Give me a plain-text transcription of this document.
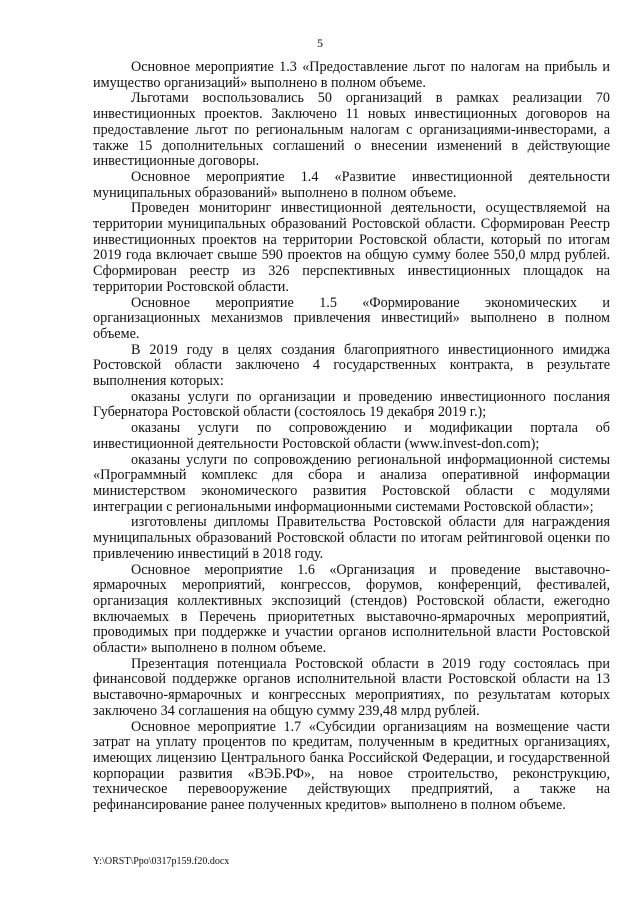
5

Основное мероприятие 1.3 «Предоставление льгот по налогам на прибыль и имущество организаций» выполнено в полном объеме.

Льготами воспользовались 50 организаций в рамках реализации 70 инвестиционных проектов. Заключено 11 новых инвестиционных договоров на предоставление льгот по региональным налогам с организациями-инвесторами, а также 15 дополнительных соглашений о внесении изменений в действующие инвестиционные договоры.

Основное мероприятие 1.4 «Развитие инвестиционной деятельности муниципальных образований» выполнено в полном объеме.

Проведен мониторинг инвестиционной деятельности, осуществляемой на территории муниципальных образований Ростовской области. Сформирован Реестр инвестиционных проектов на территории Ростовской области, который по итогам 2019 года включает свыше 590 проектов на общую сумму более 550,0 млрд рублей. Сформирован реестр из 326 перспективных инвестиционных площадок на территории Ростовской области.

Основное мероприятие 1.5 «Формирование экономических и организационных механизмов привлечения инвестиций» выполнено в полном объеме.

В 2019 году в целях создания благоприятного инвестиционного имиджа Ростовской области заключено 4 государственных контракта, в результате выполнения которых:

оказаны услуги по организации и проведению инвестиционного послания Губернатора Ростовской области (состоялось 19 декабря 2019 г.);

оказаны услуги по сопровождению и модификации портала об инвестиционной деятельности Ростовской области (www.invest-don.com);

оказаны услуги по сопровождению региональной информационной системы «Программный комплекс для сбора и анализа оперативной информации министерством экономического развития Ростовской области с модулями интеграции с региональными информационными системами Ростовской области»;

изготовлены дипломы Правительства Ростовской области для награждения муниципальных образований Ростовской области по итогам рейтинговой оценки по привлечению инвестиций в 2018 году.

Основное мероприятие 1.6 «Организация и проведение выставочно-ярмарочных мероприятий, конгрессов, форумов, конференций, фестивалей, организация коллективных экспозиций (стендов) Ростовской области, ежегодно включаемых в Перечень приоритетных выставочно-ярмарочных мероприятий, проводимых при поддержке и участии органов исполнительной власти Ростовской области» выполнено в полном объеме.

Презентация потенциала Ростовской области в 2019 году состоялась при финансовой поддержке органов исполнительной власти Ростовской области на 13 выставочно-ярмарочных и конгрессных мероприятиях, по результатам которых заключено 34 соглашения на общую сумму 239,48 млрд рублей.

Основное мероприятие 1.7 «Субсидии организациям на возмещение части затрат на уплату процентов по кредитам, полученным в кредитных организациях, имеющих лицензию Центрального банка Российской Федерации, и государственной корпорации развития «ВЭБ.РФ», на новое строительство, реконструкцию, техническое перевооружение действующих предприятий, а также на рефинансирование ранее полученных кредитов» выполнено в полном объеме.

Y:\ORST\Ppo\0317p159.f20.docx
